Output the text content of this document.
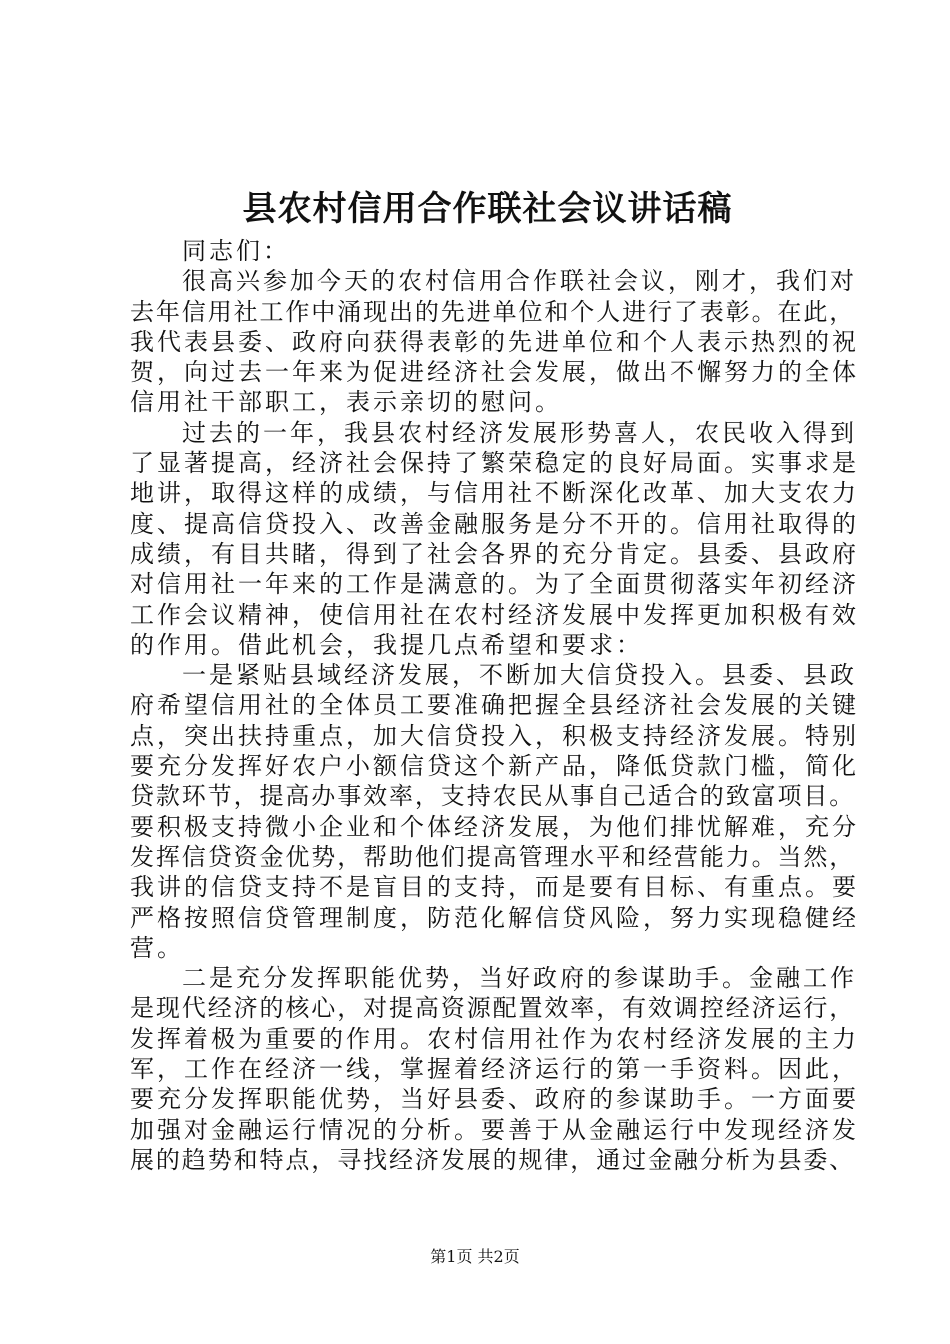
县农村信用合作联社会议讲话稿
同志们：
很高兴参加今天的农村信用合作联社会议，刚才，我们对
去年信用社工作中涌现出的先进单位和个人进行了表彰。在此，
我代表县委、政府向获得表彰的先进单位和个人表示热烈的祝
贺，向过去一年来为促进经济社会发展，做出不懈努力的全体
信用社干部职工，表示亲切的慰问。
过去的一年，我县农村经济发展形势喜人，农民收入得到
了显著提高，经济社会保持了繁荣稳定的良好局面。实事求是
地讲，取得这样的成绩，与信用社不断深化改革、加大支农力
度、提高信贷投入、改善金融服务是分不开的。信用社取得的
成绩，有目共睹，得到了社会各界的充分肯定。县委、县政府
对信用社一年来的工作是满意的。为了全面贯彻落实年初经济
工作会议精神，使信用社在农村经济发展中发挥更加积极有效
的作用。借此机会，我提几点希望和要求：
一是紧贴县域经济发展，不断加大信贷投入。县委、县政
府希望信用社的全体员工要准确把握全县经济社会发展的关键
点，突出扶持重点，加大信贷投入，积极支持经济发展。特别
要充分发挥好农户小额信贷这个新产品，降低贷款门槛，简化
贷款环节，提高办事效率，支持农民从事自己适合的致富项目。
要积极支持微小企业和个体经济发展，为他们排忧解难，充分
发挥信贷资金优势，帮助他们提高管理水平和经营能力。当然，
我讲的信贷支持不是盲目的支持，而是要有目标、有重点。要
严格按照信贷管理制度，防范化解信贷风险，努力实现稳健经
营。
二是充分发挥职能优势，当好政府的参谋助手。金融工作
是现代经济的核心，对提高资源配置效率，有效调控经济运行，
发挥着极为重要的作用。农村信用社作为农村经济发展的主力
军，工作在经济一线，掌握着经济运行的第一手资料。因此，
要充分发挥职能优势，当好县委、政府的参谋助手。一方面要
加强对金融运行情况的分析。要善于从金融运行中发现经济发
展的趋势和特点，寻找经济发展的规律，通过金融分析为县委、
第1页 共2页
